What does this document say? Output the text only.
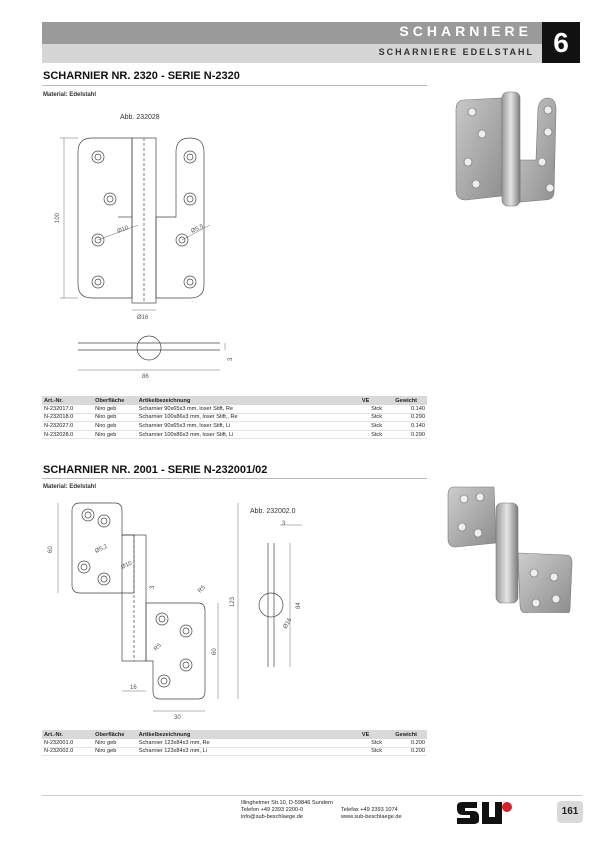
SCHARNIERE
SCHARNIERE EDELSTAHL 6
SCHARNIER NR. 2320 - SERIE N-2320
Material: Edelstahl
Abb. 232028
100
Ø10	Ø5,5
Ø16
86
3
Art.-Nr.	Oberfläche	Artikelbezeichnung	VE	Gewicht
N-232017.0	Niro geb	Scharnier 90x65x3 mm, loser Stift, Re	Stck	0.140
N-232018.0	Niro geb	Scharnier 100x86x3 mm, loser Stift,, Re	Stck	0.290
N-232027.0	Niro geb	Scharnier 90x65x3 mm, loser Stift, Li	Stck	0.140
N-232028.0	Niro geb	Scharnier 100x86x3 mm, loser Stift, Li	Stck	0.290
SCHARNIER NR. 2001 - SERIE N-232001/02
Material: Edelstahl
60	Ø5,2
Ø10
R5
R5
3
123
60
16
30
Abb. 232002.0
3
84
Ø16
Art.-Nr.	Oberfläche	Artikelbezeichnung	VE	Gewicht
N-232001.0	Niro geb	Scharnier 123x84x3 mm, Re	Stck	0.200
N-232002.0	Niro geb	Scharnier 123x84x3 mm, Li	Stck	0.200
Illingheimer Str.10, D-59846 Sundern
Telefon +49 2393 2200-0
info@sub-beschlaege.de
Telefax +49 2393 1074
www.sub-beschlaege.de	161
